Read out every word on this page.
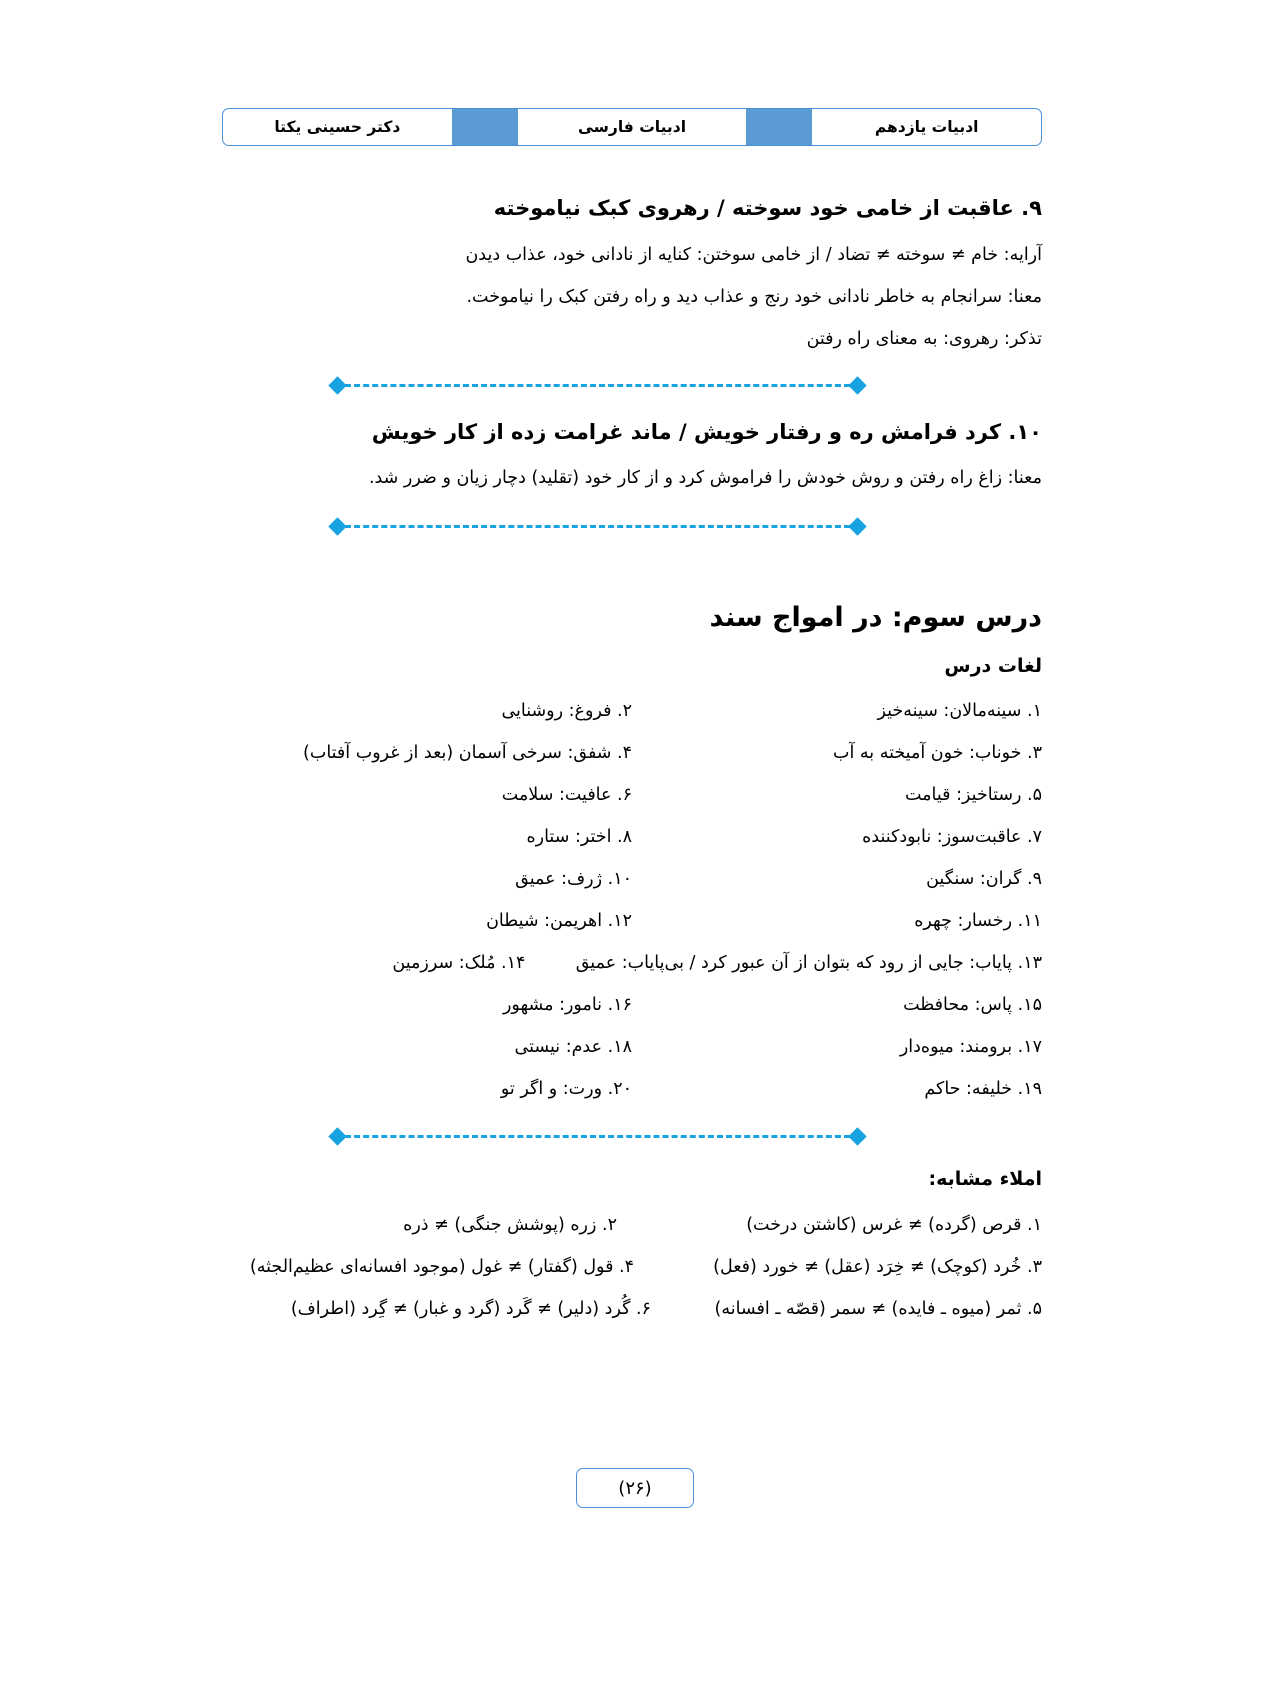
ادبیات یازدهم
ادبیات فارسی
دکتر حسینی یکتا
۹. عاقبت از خامی خود سوخته / رهروی کبک نیاموخته
آرایه: خام ≠ سوخته ≠ تضاد / از خامی سوختن: کنایه از نادانی خود، عذاب دیدن
معنا: سرانجام به خاطر نادانی خود رنج و عذاب دید و راه رفتن کبک را نیاموخت.
تذکر: رهروی: به معنای راه رفتن
۱۰. کرد فرامش ره و رفتار خویش / ماند غرامت زده از کار خویش
معنا: زاغ راه رفتن و روش خودش را فراموش کرد و از کار خود (تقلید) دچار زیان و ضرر شد.
درس سوم: در امواج سند
لغات درس
۱. سینه‌مالان: سینه‌خیز
۲. فروغ: روشنایی
۳. خوناب: خون آمیخته به آب
۴. شفق: سرخی آسمان (بعد از غروب آفتاب)
۵. رستاخیز: قیامت
۶. عافیت: سلامت
۷. عاقبت‌سوز: نابودکننده
۸. اختر: ستاره
۹. گران: سنگین
۱۰. ژرف: عمیق
۱۱. رخسار: چهره
۱۲. اهریمن: شیطان
۱۳. پایاب: جایی از رود که بتوان از آن عبور کرد / بی‌پایاب: عمیق
۱۴. مُلک: سرزمین
۱۵. پاس: محافظت
۱۶. نامور: مشهور
۱۷. برومند: میوه‌دار
۱۸. عدم: نیستی
۱۹. خلیفه: حاکم
۲۰. ورت: و اگر تو
املاء مشابه:
۱. قرص (گرده) ≠ غرس (کاشتن درخت)
۲. زره (پوشش جنگی) ≠ ذره
۳. خُرد (کوچک) ≠ خِرَد (عقل) ≠ خورد (فعل)
۴. قول (گفتار) ≠ غول (موجود افسانه‌ای عظیم‌الجثه)
۵. ثمر (میوه ـ فایده) ≠ سمر (قصّه ـ افسانه)
۶. گُرد (دلیر) ≠ گَرد (گرد و غبار) ≠ گِرد (اطراف)
(۲۶)
